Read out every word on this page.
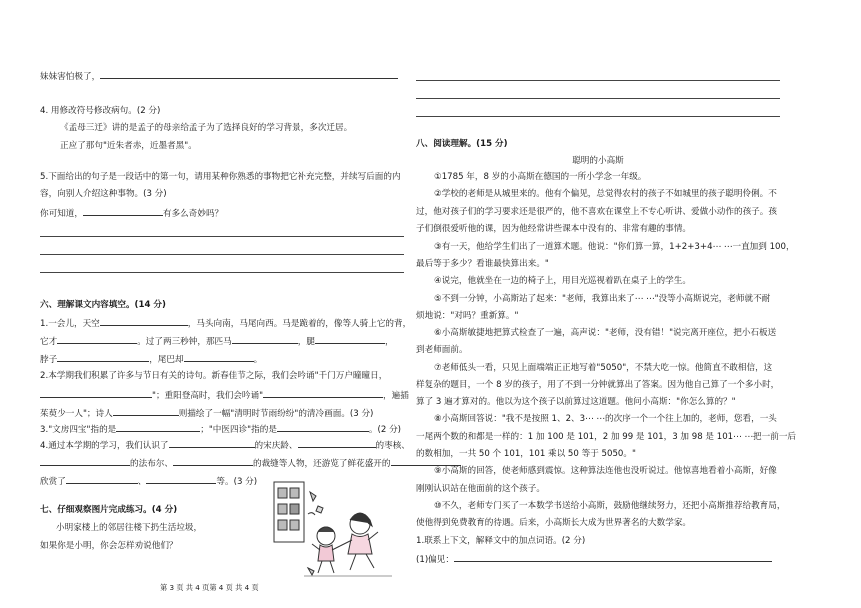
妹妹害怕极了，
4. 用修改符号修改病句。(2 分)
《孟母三迁》讲的是孟子的母亲给孟子为了选择良好的学习背景，多次迁居。
正应了那句"近朱者赤，近墨者黑"。
5.下面给出的句子是一段话中的第一句，请用某种你熟悉的事物把它补充完整，并续写后面的内
容，向别人介绍这种事物。(3 分)
你可知道，	有多么奇妙吗？
六、理解课文内容填空。(14 分)
1.一会儿，天空	，马头向南，马尾向西。马是跪着的，像等人骑上它的背，
它才	。过了两三秒钟，那匹马	，腿	，
脖子	，尾巴却	。
2.本学期我们积累了许多与节日有关的诗句。新春佳节之际，我们会吟诵"千门万户曈曈日，
"；重阳登高时，我们会吟诵"	，遍插
茱萸少一人"；诗人	则描绘了一幅"清明时节雨纷纷"的清冷画面。(3 分)
3."文房四宝"指的是	；"中医四诊"指的是	。(2 分)
4.通过本学期的学习，我们认识了	的宋庆龄、	的枣核、
的法布尔、	的裁缝等人物，还游览了鲜花盛开的
欣赏了	、	等。(3 分)
七、仔细观察图片完成练习。(4 分)
小明家楼上的邻居往楼下扔生活垃圾，
如果你是小明，你会怎样劝说他们？
第 3 页 共 4 页第 4 页 共 4 页
八、阅读理解。(15 分)
聪明的小高斯
①1785 年，8 岁的小高斯在德国的一所小学念一年级。
②学校的老师是从城里来的。他有个偏见，总觉得农村的孩子不如城里的孩子聪明伶俐。不
过，他对孩子们的学习要求还是很严的，他不喜欢在课堂上不专心听讲、爱做小动作的孩子。孩
子们倒很爱听他的课，因为他经常讲些课本中没有的、非常有趣的事情。
③有一天，他给学生们出了一道算术题。他说："你们算一算，1+2+3+4⋯ ⋯一直加到 100，
最后等于多少？看谁最快算出来。"
④说完，他就坐在一边的椅子上，用目光巡视着趴在桌子上的学生。
⑤不到一分钟，小高斯站了起来："老师，我算出来了⋯ ⋯"没等小高斯说完，老师就不耐
烦地说："对吗？重新算。"
⑥小高斯敏捷地把算式检查了一遍，高声说："老师，没有错！"说完离开座位，把小石板送
到老师面前。
⑦老师低头一看，只见上面端端正正地写着"5050"，不禁大吃一惊。他简直不敢相信，这
样复杂的题目，一个 8 岁的孩子，用了不到一分钟就算出了答案。因为他自己算了一个多小时，
算了 3 遍才算对的。他以为这个孩子以前算过这道题。他问小高斯："你怎么算的？"
⑧小高斯回答说："我不是按照 1、2、3⋯ ⋯的次序一个一个往上加的，老师，您看，一头
一尾两个数的和都是一样的：1 加 100 是 101，2 加 99 是 101，3 加 98 是 101⋯ ⋯把一前一后
的数相加，一共 50 个 101，101 乘以 50 等于 5050。"
⑨小高斯的回答，使老师感到震惊。这种算法连他也没听说过。他惊喜地看着小高斯，好像
刚刚认识站在他面前的这个孩子。
⑩不久，老师专门买了一本数学书送给小高斯，鼓励他继续努力，还把小高斯推荐给教育局，
使他得到免费教育的待遇。后来，小高斯长大成为世界著名的大数学家。
1.联系上下文，解释文中的加点词语。(2 分)
(1)偏见：
